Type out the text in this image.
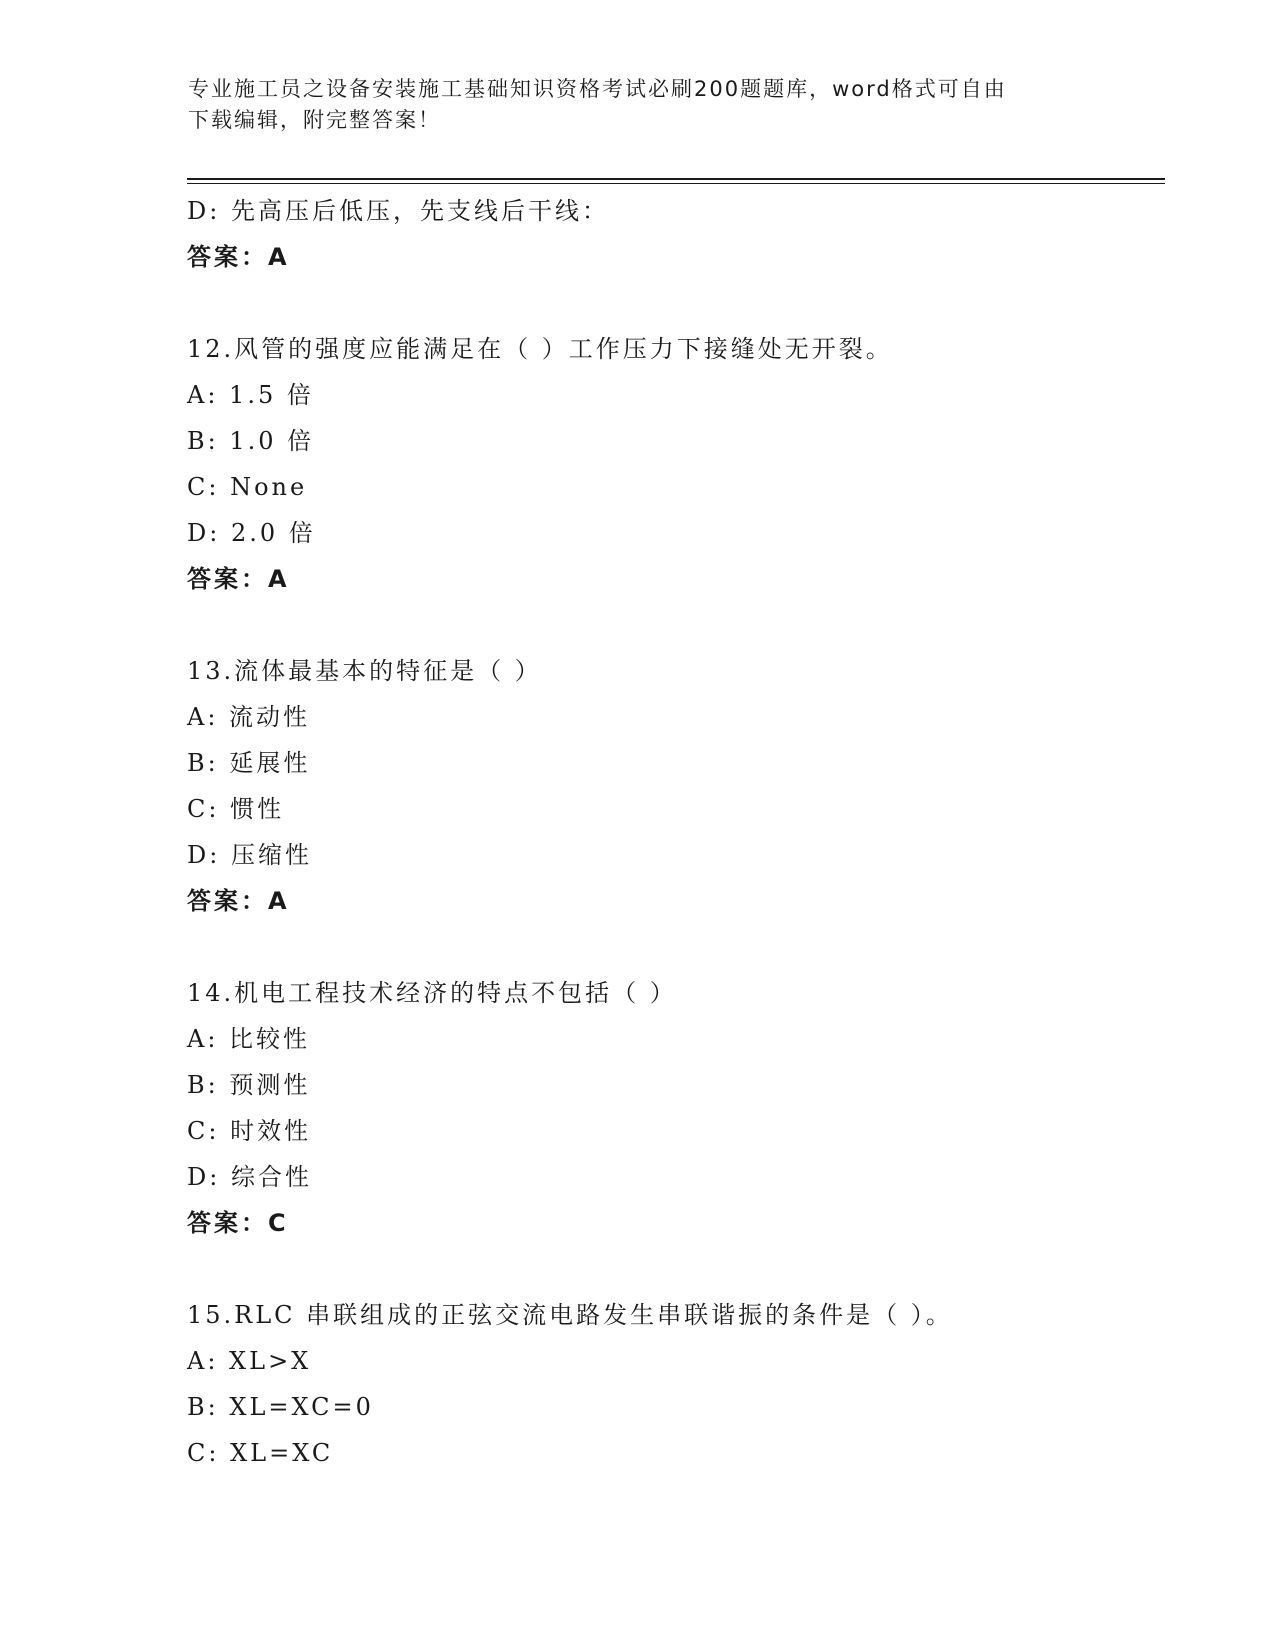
专业施工员之设备安装施工基础知识资格考试必刷200题题库，word格式可自由
下载编辑，附完整答案！
D: 先高压后低压，先支线后干线：
答案：A
12.风管的强度应能满足在（ ）工作压力下接缝处无开裂。
A: 1.5 倍
B: 1.0 倍
C: None
D: 2.0 倍
答案：A
13.流体最基本的特征是（ ）
A: 流动性
B: 延展性
C: 惯性
D: 压缩性
答案：A
14.机电工程技术经济的特点不包括（ ）
A: 比较性
B: 预测性
C: 时效性
D: 综合性
答案：C
15.RLC 串联组成的正弦交流电路发生串联谐振的条件是（ ）。
A: XL>X
B: XL=XC=0
C: XL=XC
